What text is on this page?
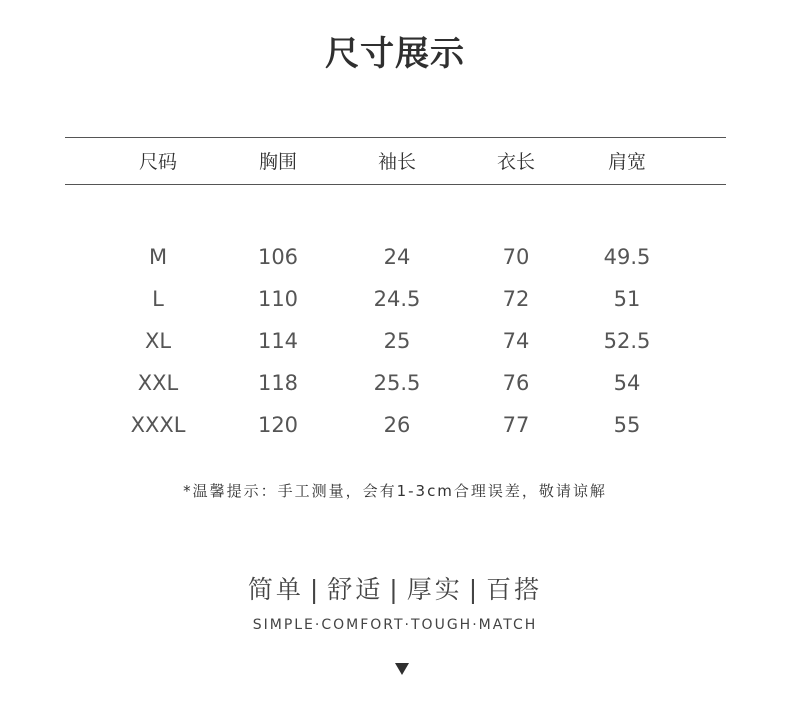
尺寸展示
尺码	胸围	袖长	衣长	肩宽
M	106	24	70	49.5
L	110	24.5	72	51
XL	114	25	74	52.5
XXL	118	25.5	76	54
XXXL	120	26	77	55
*温馨提示：手工测量，会有1-3cm合理误差，敬请谅解
简单 | 舒适 | 厚实 | 百搭
SIMPLE·COMFORT·TOUGH·MATCH
